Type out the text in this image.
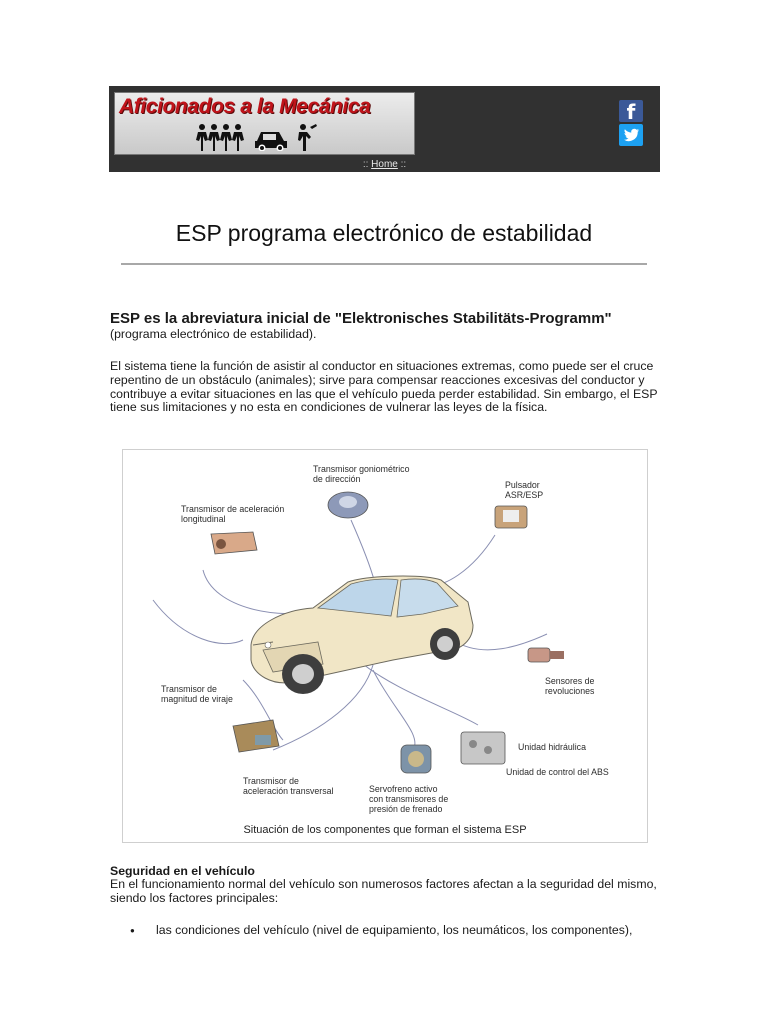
Aficionados a la Mecánica	f
:: Home ::
ESP programa electrónico de estabilidad
ESP es la abreviatura inicial de "Elektronisches Stabilitäts-Programm"
(programa electrónico de estabilidad).

El sistema tiene la función de asistir al conductor en situaciones extremas, como puede ser el cruce repentino de un obstáculo (animales); sirve para compensar reacciones excesivas del conductor y contribuye a evitar situaciones en las que el vehículo pueda perder estabilidad. Sin embargo, el ESP tiene sus limitaciones y no esta en condiciones de vulnerar las leyes de la física.

Transmisor goniométrico
de dirección
Pulsador
ASR/ESP
Transmisor de aceleración
longitudinal
Sensores de
revoluciones
Transmisor de
magnitud de viraje
Unidad hidráulica
Unidad de control del ABS
Transmisor de
aceleración transversal	Servofreno activo
con transmisores de
presión de frenado
Situación de los componentes que forman el sistema ESP
Seguridad en el vehículo

En el funcionamiento normal del vehículo son numerosos factores afectan a la seguridad del mismo, siendo los factores principales:

● las condiciones del vehículo (nivel de equipamiento, los neumáticos, los componentes),
